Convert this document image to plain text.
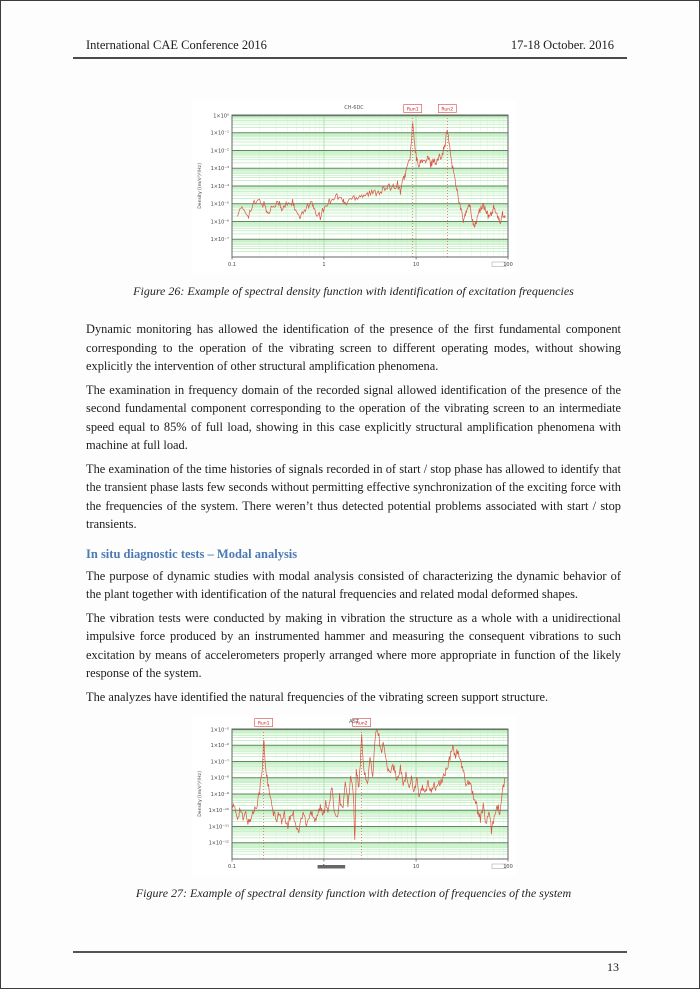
International CAE Conference 2016	17-18 October. 2016
Run1	Run2
1×10⁰
1×10⁻¹
1×10⁻²
1×10⁻³
1×10⁻⁴
1×10⁻⁵
1×10⁻⁶
1×10⁻⁷
0.1	1	10	100
CH-6DC
Density [(m/s²)²/Hz]
Figure 26: Example of spectral density function with identification of excitation frequencies

Dynamic monitoring has allowed the identification of the presence of the first fundamental component corresponding to the operation of the vibrating screen to different operating modes, without showing explicitly the intervention of other structural amplification phenomena.

The examination in frequency domain of the recorded signal allowed identification of the presence of the second fundamental component corresponding to the operation of the vibrating screen to an intermediate speed equal to 85% of full load, showing in this case explicitly structural amplification phenomena with machine at full load.

The examination of the time histories of signals recorded in of start / stop phase has allowed to identify that the transient phase lasts few seconds without permitting effective synchronization of the exciting force with the frequencies of the system. There weren’t thus detected potential problems associated with start / stop transients.

In situ diagnostic tests – Modal analysis

The purpose of dynamic studies with modal analysis consisted of characterizing the dynamic behavior of the plant together with identification of the natural frequencies and related modal deformed shapes.

The vibration tests were conducted by making in vibration the structure as a whole with a unidirectional impulsive force produced by an instrumented hammer and measuring the consequent vibrations to such excitation by means of accelerometers properly arranged where more appropriate in function of the likely response of the system.

The analyzes have identified the natural frequencies of the vibrating screen support structure.

Run1	Run2
1×10⁻⁵
1×10⁻⁶
1×10⁻⁷
1×10⁻⁸
1×10⁻⁹
1×10⁻¹⁰
1×10⁻¹¹
1×10⁻¹²
0.1	10	100
AST
Density [(m/s²)²/Hz]
Figure 27: Example of spectral density function with detection of frequencies of the system
13
